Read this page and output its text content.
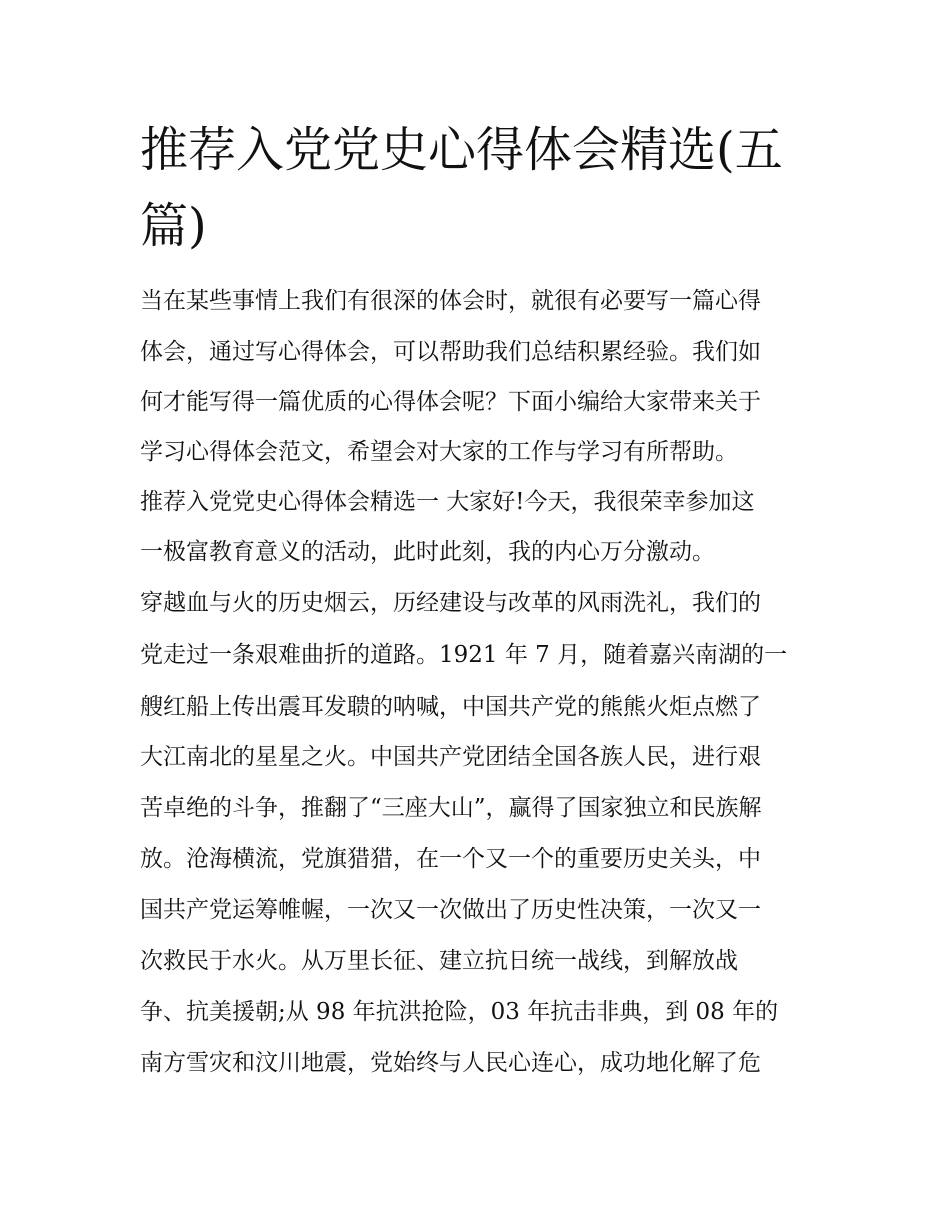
推荐入党党史心得体会精选(五篇)

当在某些事情上我们有很深的体会时，就很有必要写一篇心得

体会，通过写心得体会，可以帮助我们总结积累经验。我们如

何才能写得一篇优质的心得体会呢？下面小编给大家带来关于

学习心得体会范文，希望会对大家的工作与学习有所帮助。

推荐入党党史心得体会精选一 大家好!今天，我很荣幸参加这

一极富教育意义的活动，此时此刻，我的内心万分激动。

穿越血与火的历史烟云，历经建设与改革的风雨洗礼，我们的

党走过一条艰难曲折的道路。1921 年 7 月，随着嘉兴南湖的一

艘红船上传出震耳发聩的呐喊，中国共产党的熊熊火炬点燃了

大江南北的星星之火。中国共产党团结全国各族人民，进行艰

苦卓绝的斗争，推翻了“三座大山”，赢得了国家独立和民族解

放。沧海横流，党旗猎猎，在一个又一个的重要历史关头，中

国共产党运筹帷幄，一次又一次做出了历史性决策，一次又一

次救民于水火。从万里长征、建立抗日统一战线，到解放战

争、抗美援朝;从 98 年抗洪抢险，03 年抗击非典，到 08 年的

南方雪灾和汶川地震，党始终与人民心连心，成功地化解了危
